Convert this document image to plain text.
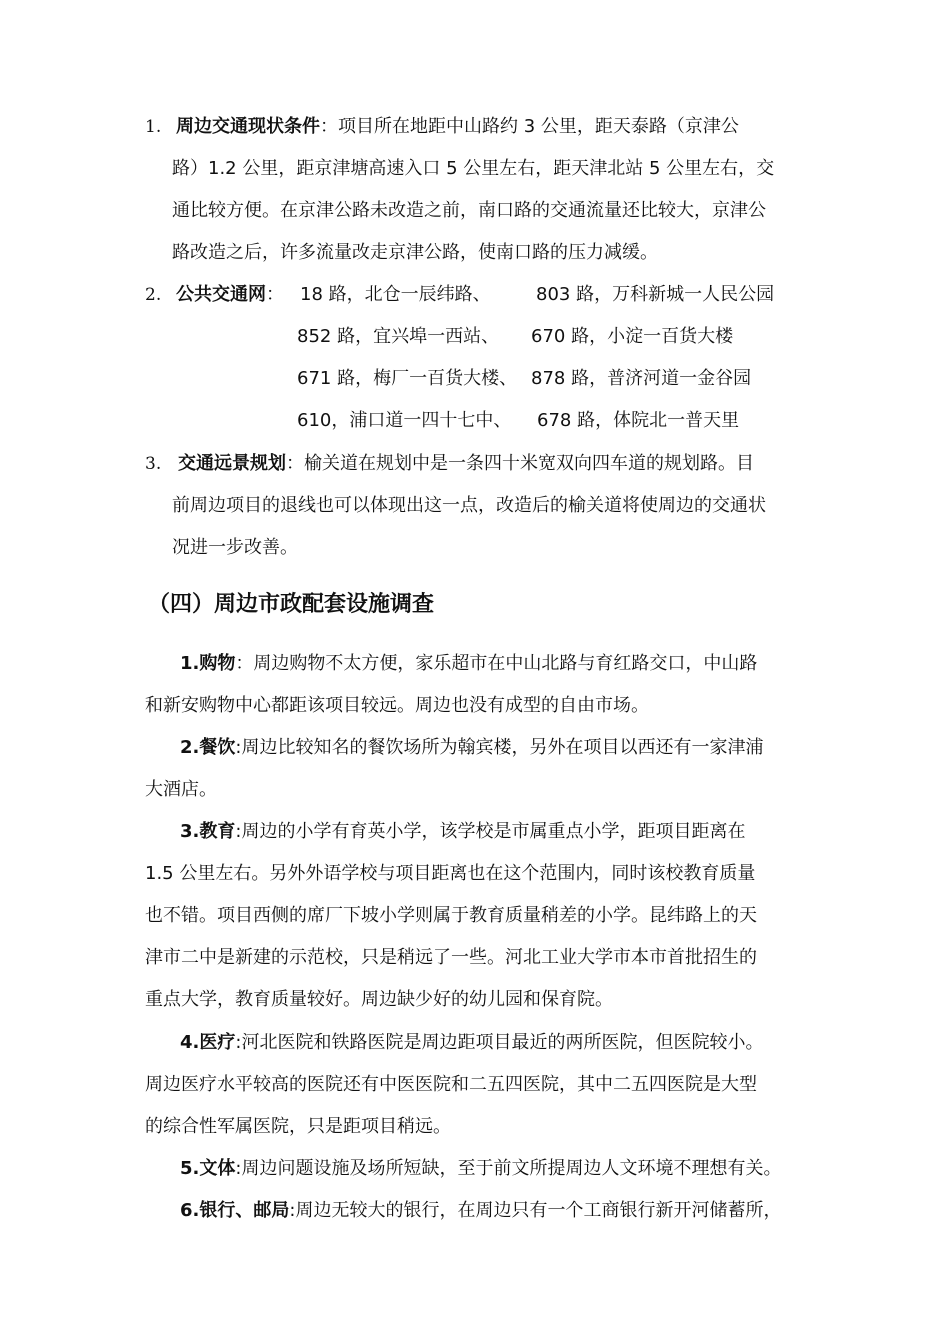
1. 周边交通现状条件：项目所在地距中山路约 3 公里，距天泰路（京津公
路）1.2 公里，距京津塘高速入口 5 公里左右，距天津北站 5 公里左右，交
通比较方便。在京津公路未改造之前，南口路的交通流量还比较大，京津公
路改造之后，许多流量改走京津公路，使南口路的压力减缓。
2. 公共交通网： 18 路，北仓一辰纬路、	803 路，万科新城一人民公园
852 路，宜兴埠一西站、 670 路，小淀一百货大楼
671 路，梅厂一百货大楼、 878 路，普济河道一金谷园
610，浦口道一四十七中、 678 路，体院北一普天里
3. 交通远景规划：榆关道在规划中是一条四十米宽双向四车道的规划路。目
前周边项目的退线也可以体现出这一点，改造后的榆关道将使周边的交通状
况进一步改善。
（四）周边市政配套设施调查
1.购物：周边购物不太方便，家乐超市在中山北路与育红路交口，中山路
和新安购物中心都距该项目较远。周边也没有成型的自由市场。
2.餐饮:周边比较知名的餐饮场所为翰宾楼，另外在项目以西还有一家津浦
大酒店。
3.教育:周边的小学有育英小学，该学校是市属重点小学，距项目距离在
1.5 公里左右。另外外语学校与项目距离也在这个范围内，同时该校教育质量
也不错。项目西侧的席厂下坡小学则属于教育质量稍差的小学。昆纬路上的天
津市二中是新建的示范校，只是稍远了一些。河北工业大学市本市首批招生的
重点大学，教育质量较好。周边缺少好的幼儿园和保育院。
4.医疗:河北医院和铁路医院是周边距项目最近的两所医院，但医院较小。
周边医疗水平较高的医院还有中医医院和二五四医院，其中二五四医院是大型
的综合性军属医院，只是距项目稍远。
5.文体:周边问题设施及场所短缺，至于前文所提周边人文环境不理想有关。
6.银行、邮局:周边无较大的银行，在周边只有一个工商银行新开河储蓄所，
